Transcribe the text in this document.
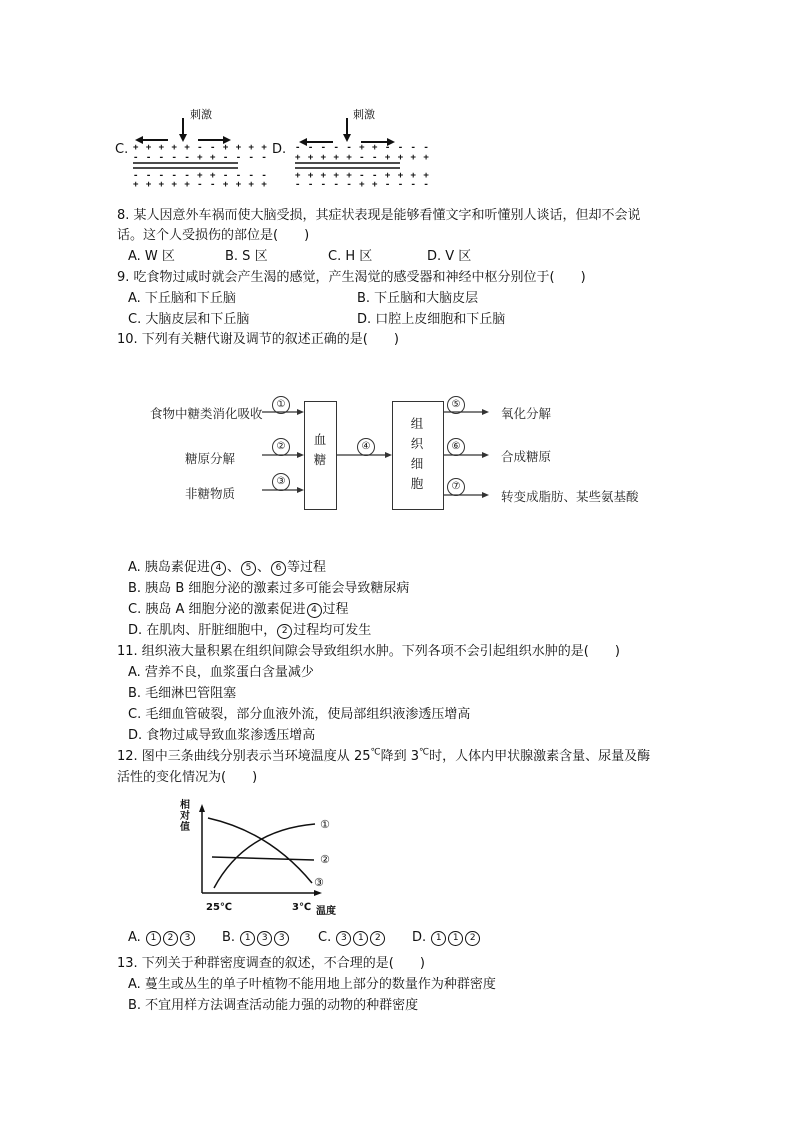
C.
刺激
+ + + + + - - + + + +
- - - - - + + - - - -
- - - - - + + - - - -
+ + + + + - - + + + +
D.
刺激
- - - - - + + - - - -
+ + + + + - - + + + +
+ + + + + - - + + + +
- - - - - + + - - - -
8. 某人因意外车祸而使大脑受损，其症状表现是能够看懂文字和听懂别人谈话，但却不会说
话。这个人受损伤的部位是(　　)
A. W 区	B. S 区	C. H 区	D. V 区
9. 吃食物过咸时就会产生渴的感觉，产生渴觉的感受器和神经中枢分别位于(　　)
A. 下丘脑和下丘脑	B. 下丘脑和大脑皮层
C. 大脑皮层和下丘脑	D. 口腔上皮细胞和下丘脑
10. 下列有关糖代谢及调节的叙述正确的是(　　)
食物中糖类消化吸收
糖原分解
非糖物质
血糖
组织细胞
①
②
③
④
⑤
⑥
⑦
氧化分解
合成糖原
转变成脂肪、某些氨基酸
A. 胰岛素促进 4 、 5 、 6 等过程
B. 胰岛 B 细胞分泌的激素过多可能会导致糖尿病
C. 胰岛 A 细胞分泌的激素促进 4 过程
D. 在肌肉、肝脏细胞中， 2 过程均可发生
11. 组织液大量积累在组织间隙会导致组织水肿。下列各项不会引起组织水肿的是(　　)
A. 营养不良，血浆蛋白含量减少
B. 毛细淋巴管阻塞
C. 毛细血管破裂，部分血液外流，使局部组织液渗透压增高
D. 食物过咸导致血浆渗透压增高
12. 图中三条曲线分别表示当环境温度从 25℃降到 3℃时，人体内甲状腺激素含量、尿量及酶
活性的变化情况为(　　)
相对值	①
②
③
25℃	3℃ 温度
A. 1 2 3	B. 1 3 3	C. 3 1 2	D. 1 1 2
13. 下列关于种群密度调查的叙述，不合理的是(　　)
A. 蔓生或丛生的单子叶植物不能用地上部分的数量作为种群密度
B. 不宜用样方法调查活动能力强的动物的种群密度
